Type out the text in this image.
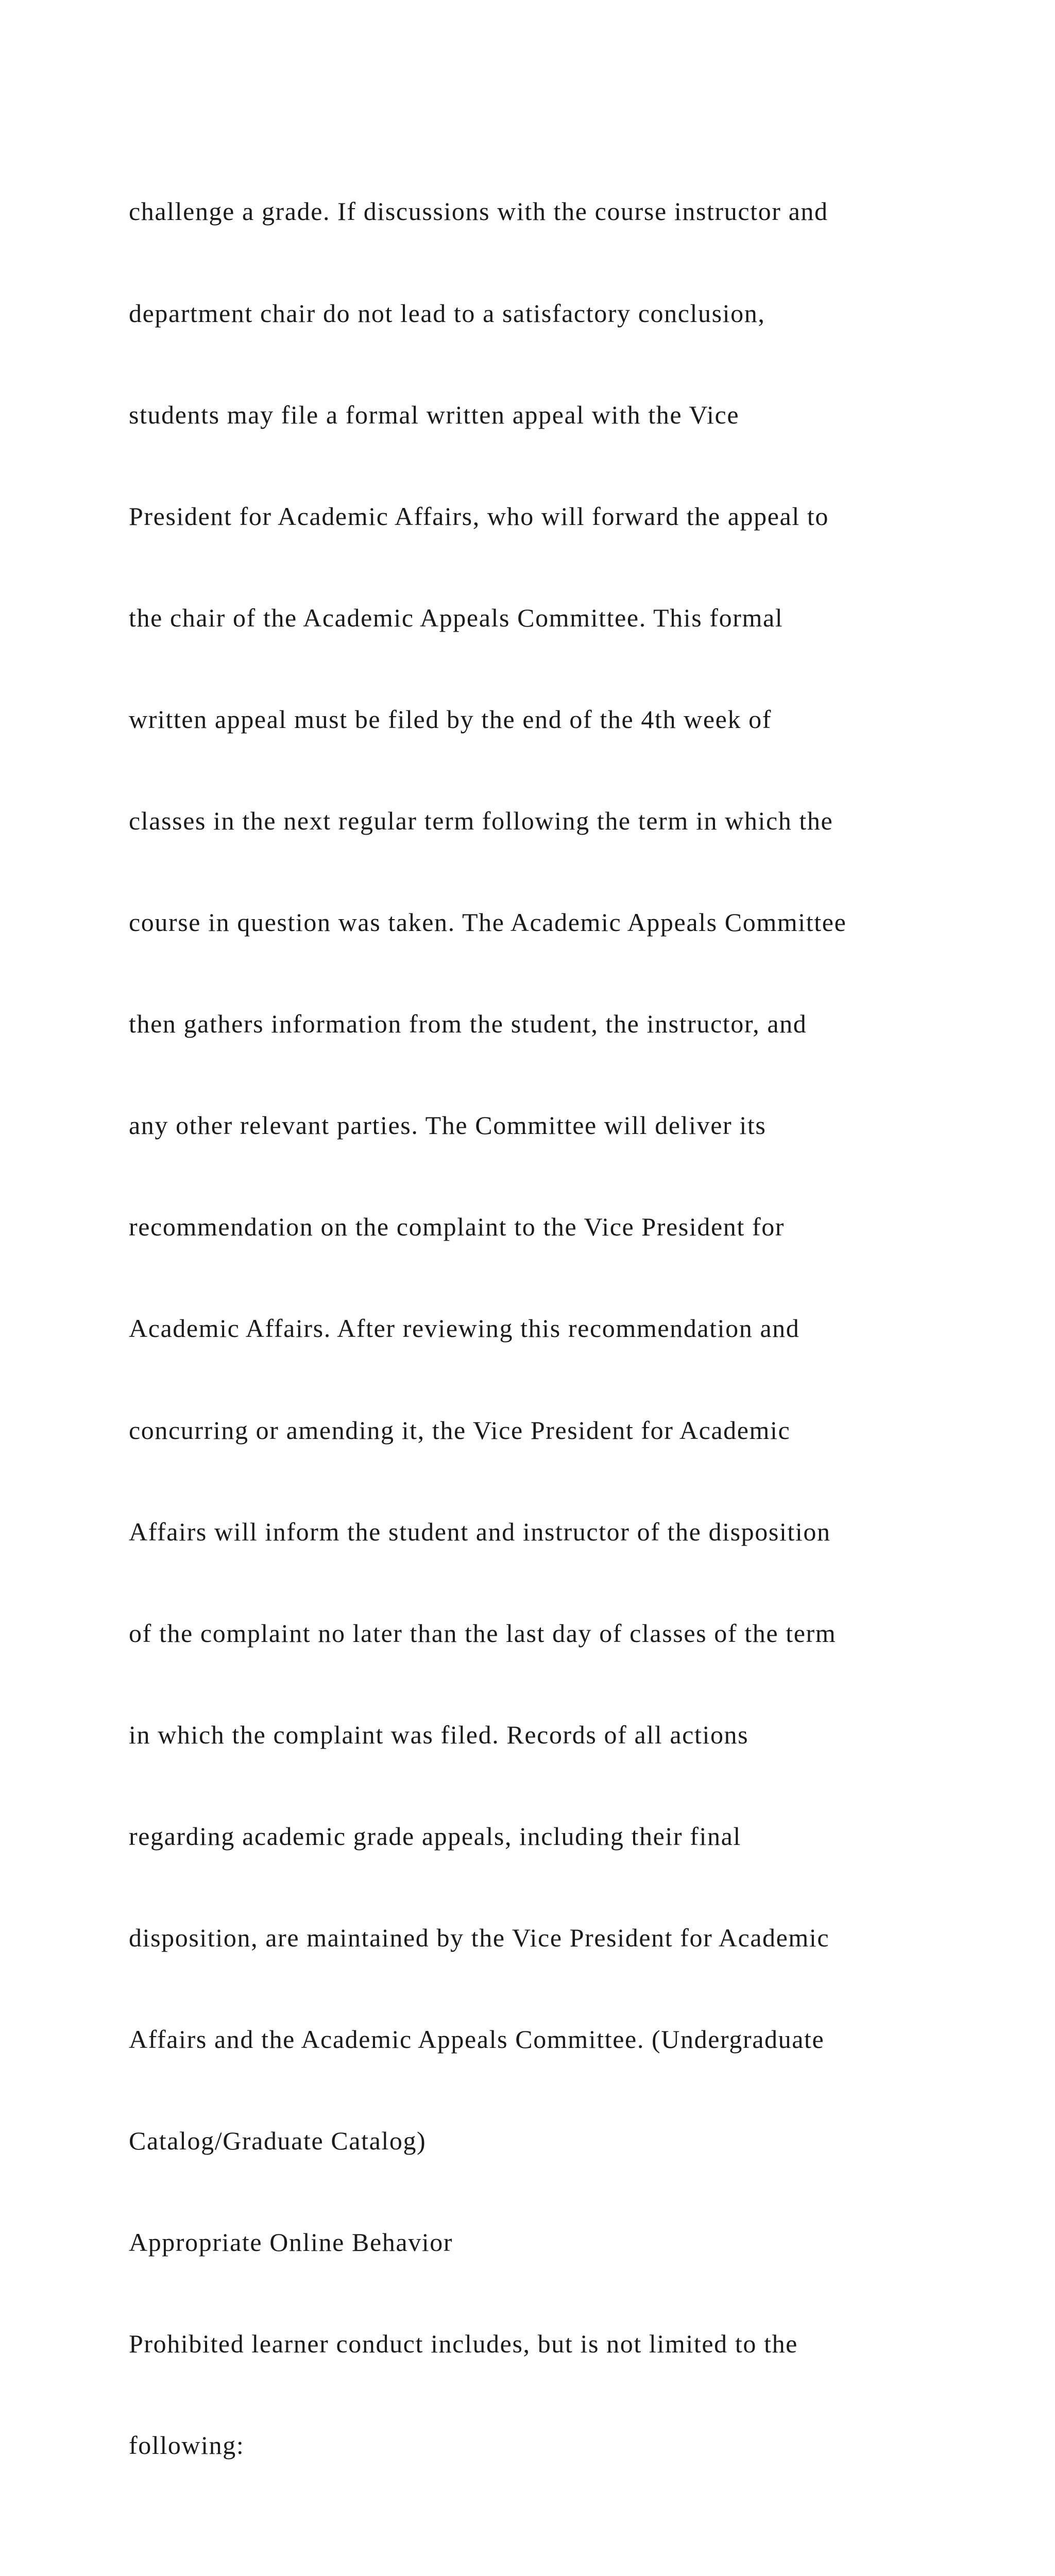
challenge a grade. If discussions with the course instructor and

department chair do not lead to a satisfactory conclusion,

students may file a formal written appeal with the Vice

President for Academic Affairs, who will forward the appeal to

the chair of the Academic Appeals Committee. This formal

written appeal must be filed by the end of the 4th week of

classes in the next regular term following the term in which the

course in question was taken. The Academic Appeals Committee

then gathers information from the student, the instructor, and

any other relevant parties. The Committee will deliver its

recommendation on the complaint to the Vice President for

Academic Affairs. After reviewing this recommendation and

concurring or amending it, the Vice President for Academic

Affairs will inform the student and instructor of the disposition

of the complaint no later than the last day of classes of the term

in which the complaint was filed. Records of all actions

regarding academic grade appeals, including their final

disposition, are maintained by the Vice President for Academic

Affairs and the Academic Appeals Committee. (Undergraduate

Catalog/Graduate Catalog)

Appropriate Online Behavior

Prohibited learner conduct includes, but is not limited to the

following:
